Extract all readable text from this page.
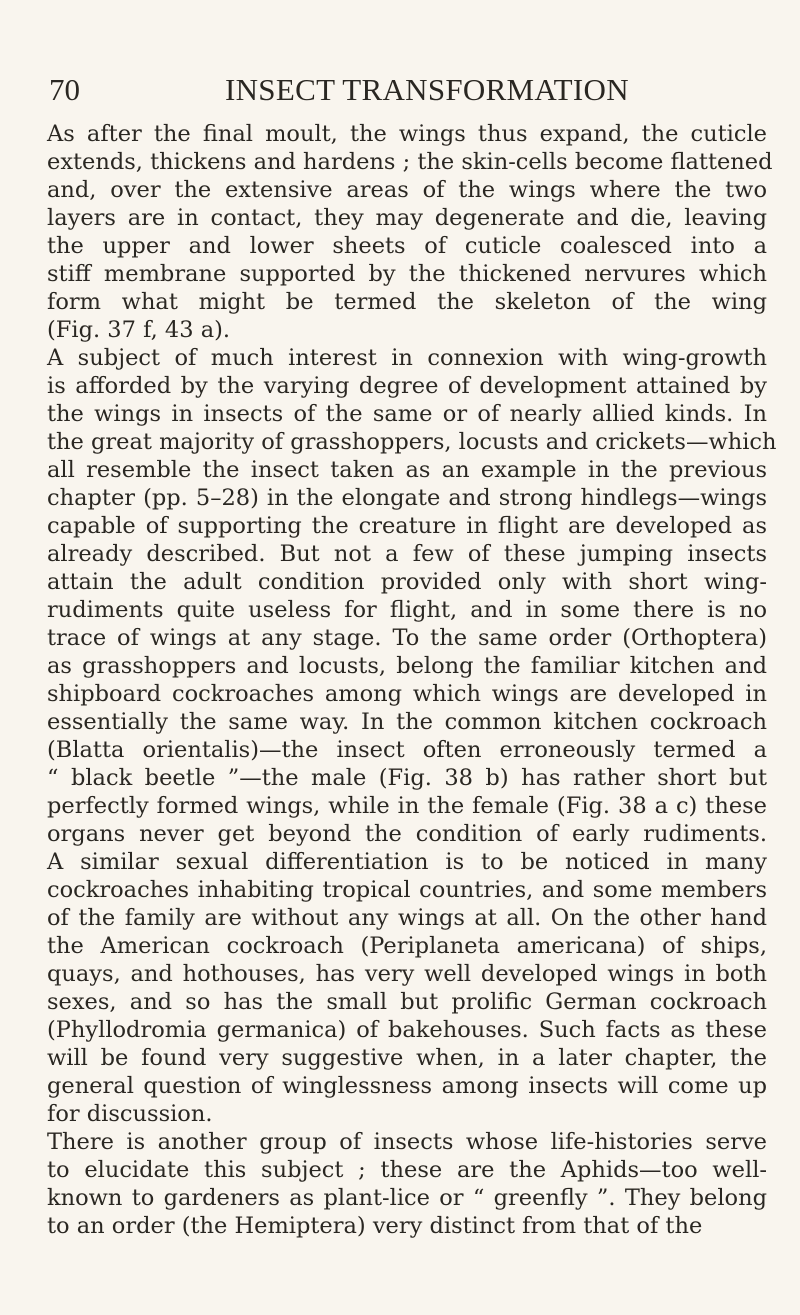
70	INSECT TRANSFORMATION
As after the final moult, the wings thus expand, the cuticle
extends, thickens and hardens ; the skin-cells become flattened
and, over the extensive areas of the wings where the two
layers are in contact, they may degenerate and die, leaving
the upper and lower sheets of cuticle coalesced into a
stiff membrane supported by the thickened nervures which
form what might be termed the skeleton of the wing
(Fig. 37 f, 43 a).
A subject of much interest in connexion with wing-growth
is afforded by the varying degree of development attained by
the wings in insects of the same or of nearly allied kinds. In
the great majority of grasshoppers, locusts and crickets—which
all resemble the insect taken as an example in the previous
chapter (pp. 5–28) in the elongate and strong hindlegs—wings
capable of supporting the creature in flight are developed as
already described. But not a few of these jumping insects
attain the adult condition provided only with short wing-
rudiments quite useless for flight, and in some there is no
trace of wings at any stage. To the same order (Orthoptera)
as grasshoppers and locusts, belong the familiar kitchen and
shipboard cockroaches among which wings are developed in
essentially the same way. In the common kitchen cockroach
(Blatta orientalis)—the insect often erroneously termed a
“ black beetle ”—the male (Fig. 38 b) has rather short but
perfectly formed wings, while in the female (Fig. 38 a c) these
organs never get beyond the condition of early rudiments.
A similar sexual differentiation is to be noticed in many
cockroaches inhabiting tropical countries, and some members
of the family are without any wings at all. On the other hand
the American cockroach (Periplaneta americana) of ships,
quays, and hothouses, has very well developed wings in both
sexes, and so has the small but prolific German cockroach
(Phyllodromia germanica) of bakehouses. Such facts as these
will be found very suggestive when, in a later chapter, the
general question of winglessness among insects will come up
for discussion.
There is another group of insects whose life-histories serve
to elucidate this subject ; these are the Aphids—too well-
known to gardeners as plant-lice or “ greenfly ”. They belong
to an order (the Hemiptera) very distinct from that of the
